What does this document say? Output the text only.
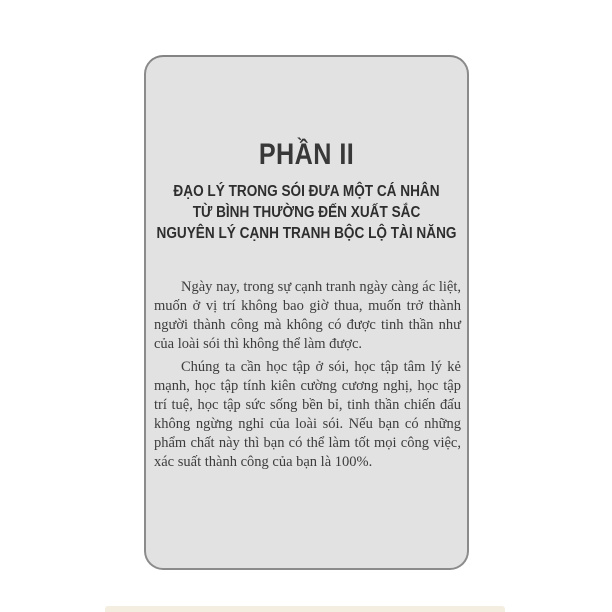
PHẦN II
ĐẠO LÝ TRONG SÓI ĐƯA MỘT CÁ NHÂN
TỪ BÌNH THƯỜNG ĐẾN XUẤT SẮC
NGUYÊN LÝ CẠNH TRANH BỘC LỘ TÀI NĂNG

Ngày nay, trong sự cạnh tranh ngày càng ác liệt, muốn ở vị trí không bao giờ thua, muốn trở thành người thành công mà không có được tinh thần như của loài sói thì không thể làm được.

Chúng ta cần học tập ở sói, học tập tâm lý kẻ mạnh, học tập tính kiên cường cương nghị, học tập trí tuệ, học tập sức sống bền bỉ, tinh thần chiến đấu không ngừng nghỉ của loài sói. Nếu bạn có những phẩm chất này thì bạn có thể làm tốt mọi công việc, xác suất thành công của bạn là 100%.
